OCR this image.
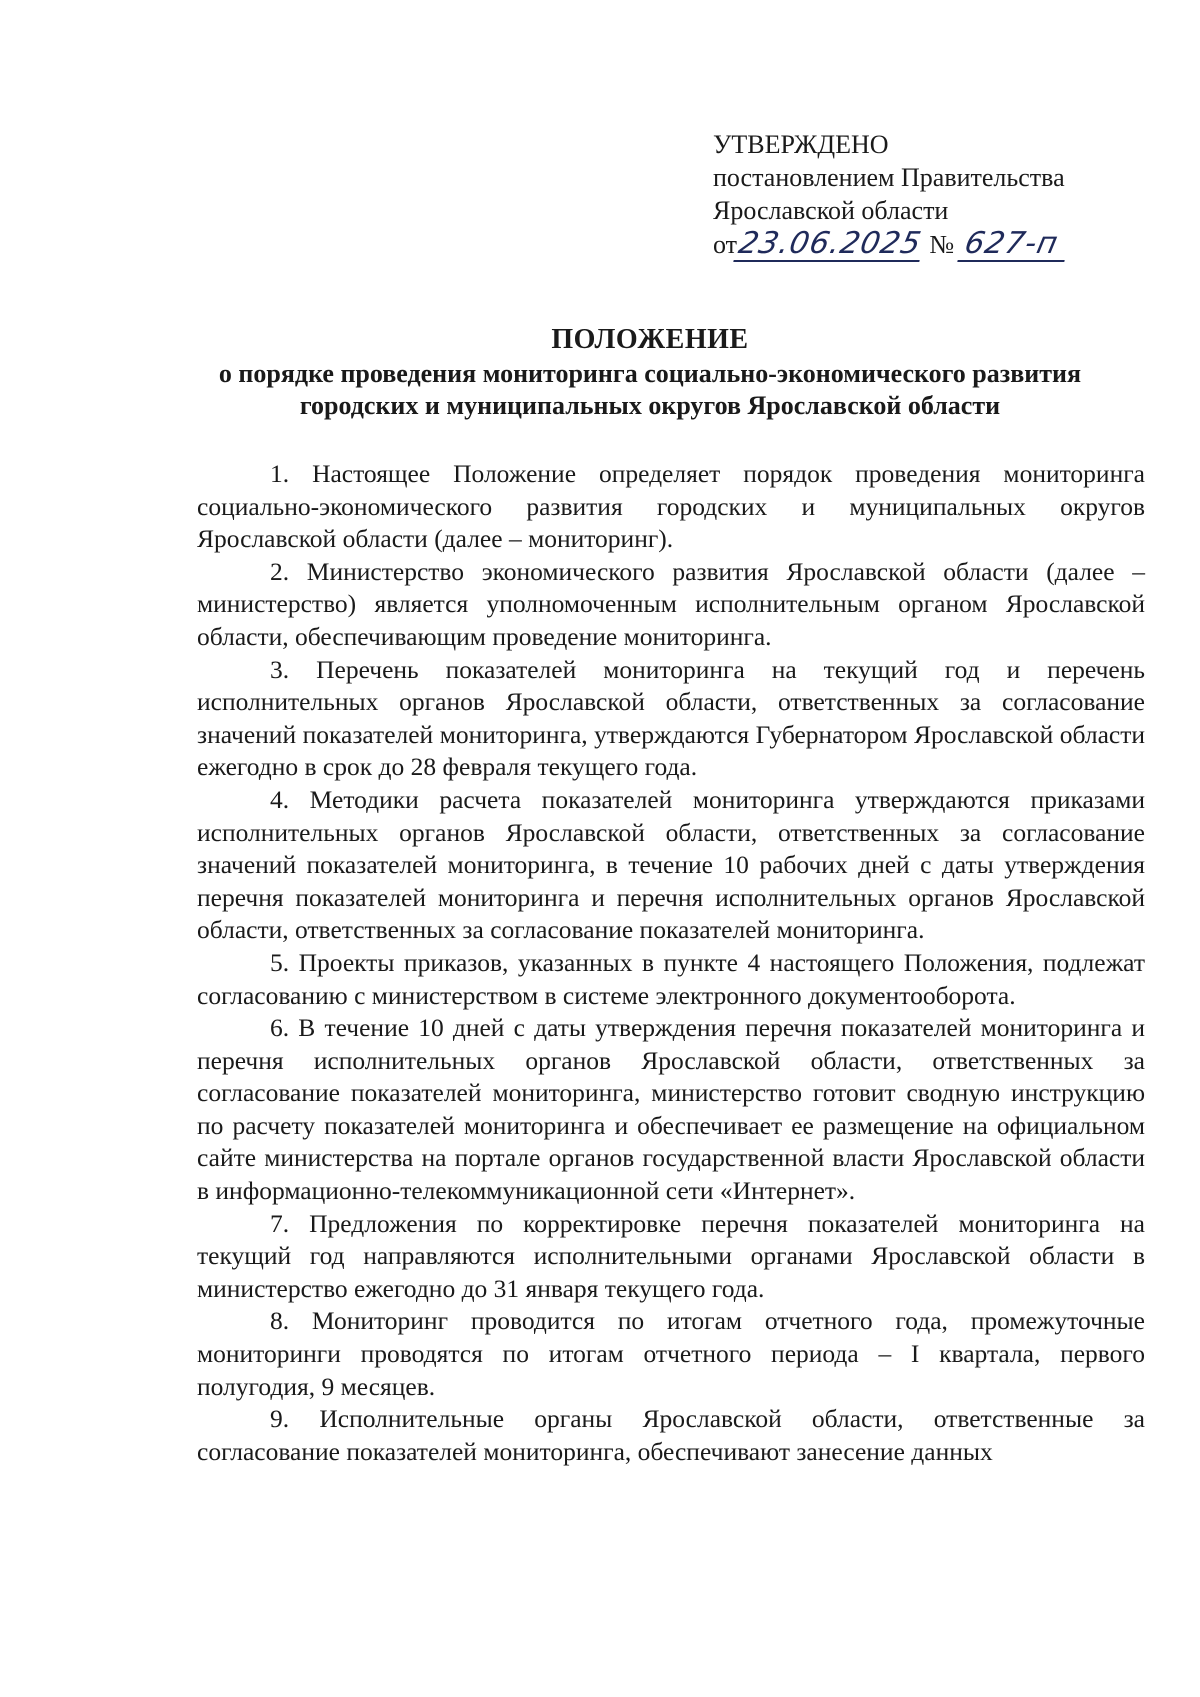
УТВЕРЖДЕНО
постановлением Правительства
Ярославской области
от23.06.2025 № 627-п
ПОЛОЖЕНИЕ
о порядке проведения мониторинга социально-экономического развития
городских и муниципальных округов Ярославской области

1. Настоящее Положение определяет порядок проведения мониторинга социально-экономического развития городских и муниципальных округов Ярославской области (далее – мониторинг).

2. Министерство экономического развития Ярославской области (далее – министерство) является уполномоченным исполнительным органом Ярославской области, обеспечивающим проведение мониторинга.

3. Перечень показателей мониторинга на текущий год и перечень исполнительных органов Ярославской области, ответственных за согласование значений показателей мониторинга, утверждаются Губернатором Ярославской области ежегодно в срок до 28 февраля текущего года.

4. Методики расчета показателей мониторинга утверждаются приказами исполнительных органов Ярославской области, ответственных за согласование значений показателей мониторинга, в течение 10 рабочих дней с даты утверждения перечня показателей мониторинга и перечня исполнительных органов Ярославской области, ответственных за согласование показателей мониторинга.

5. Проекты приказов, указанных в пункте 4 настоящего Положения, подлежат согласованию с министерством в системе электронного документооборота.

6. В течение 10 дней с даты утверждения перечня показателей мониторинга и перечня исполнительных органов Ярославской области, ответственных за согласование показателей мониторинга, министерство готовит сводную инструкцию по расчету показателей мониторинга и обеспечивает ее размещение на официальном сайте министерства на портале органов государственной власти Ярославской области в информационно-телекоммуникационной сети «Интернет».

7. Предложения по корректировке перечня показателей мониторинга на текущий год направляются исполнительными органами Ярославской области в министерство ежегодно до 31 января текущего года.

8. Мониторинг проводится по итогам отчетного года, промежуточные мониторинги проводятся по итогам отчетного периода – I квартала, первого полугодия, 9 месяцев.

9. Исполнительные органы Ярославской области, ответственные за согласование показателей мониторинга, обеспечивают занесение данных
